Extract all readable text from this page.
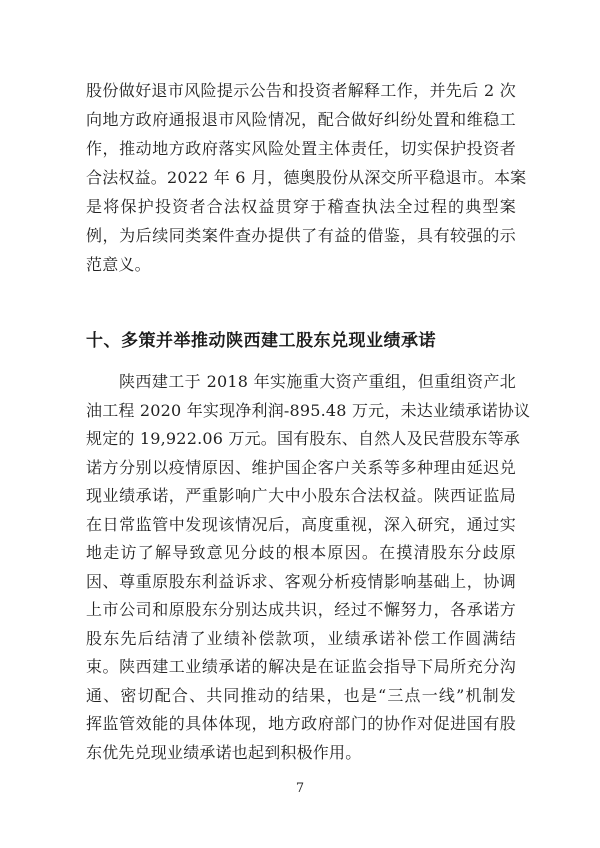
股份做好退市风险提示公告和投资者解释工作，并先后 2 次
向地方政府通报退市风险情况，配合做好纠纷处置和维稳工
作，推动地方政府落实风险处置主体责任，切实保护投资者
合法权益。2022 年 6 月，德奥股份从深交所平稳退市。本案
是将保护投资者合法权益贯穿于稽查执法全过程的典型案
例，为后续同类案件查办提供了有益的借鉴，具有较强的示
范意义。
十、多策并举推动陕西建工股东兑现业绩承诺
陕西建工于 2018 年实施重大资产重组，但重组资产北
油工程 2020 年实现净利润-895.48 万元，未达业绩承诺协议
规定的 19,922.06 万元。国有股东、自然人及民营股东等承
诺方分别以疫情原因、维护国企客户关系等多种理由延迟兑
现业绩承诺，严重影响广大中小股东合法权益。陕西证监局
在日常监管中发现该情况后，高度重视，深入研究，通过实
地走访了解导致意见分歧的根本原因。在摸清股东分歧原
因、尊重原股东利益诉求、客观分析疫情影响基础上，协调
上市公司和原股东分别达成共识，经过不懈努力，各承诺方
股东先后结清了业绩补偿款项，业绩承诺补偿工作圆满结
束。陕西建工业绩承诺的解决是在证监会指导下局所充分沟
通、密切配合、共同推动的结果，也是“三点一线”机制发
挥监管效能的具体体现，地方政府部门的协作对促进国有股
东优先兑现业绩承诺也起到积极作用。
7
